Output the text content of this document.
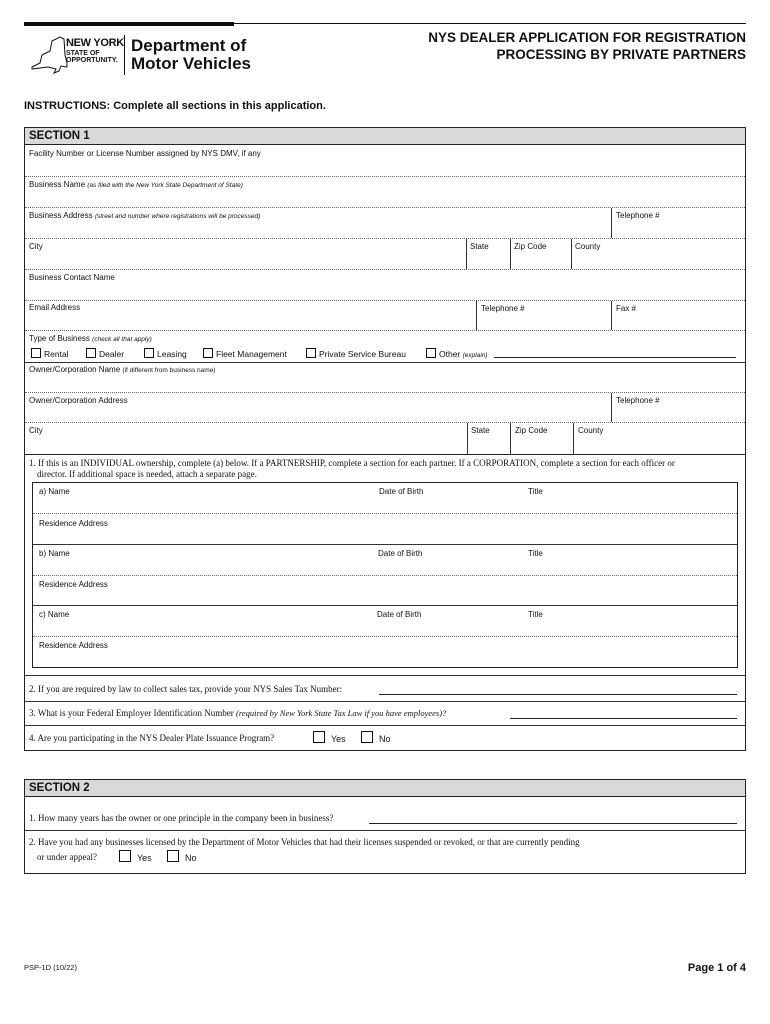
NEW YORK
STATE OF OPPORTUNITY.
Department of
Motor Vehicles
NYS DEALER APPLICATION FOR REGISTRATION
PROCESSING BY PRIVATE PARTNERS
INSTRUCTIONS: Complete all sections in this application.
SECTION 1
Facility Number or License Number assigned by NYS DMV, if any
Business Name (as filed with the New York State Department of State)
Business Address (street and number where registrations will be processed)	Telephone #
City	State	Zip Code	County
Business Contact Name
Email Address	Telephone #	Fax #
Type of Business (check all that apply)
Rental	Dealer	Leasing	Fleet Management	Private Service Bureau	Other (explain)
Owner/Corporation Name (if different from business name)
Owner/Corporation Address	Telephone #
City	State	Zip Code	County
1. If this is an INDIVIDUAL ownership, complete (a) below. If a PARTNERSHIP, complete a section for each partner. If a CORPORATION, complete a section for each officer or
director. If additional space is needed, attach a separate page.
a) Name	Date of Birth	Title
Residence Address
b) Name	Date of Birth	Title
Residence Address
c) Name	Date of Birth	Title
Residence Address
2. If you are required by law to collect sales tax, provide your NYS Sales Tax Number:
3. What is your Federal Employer Identification Number (required by New York State Tax Law if you have employees)?
4. Are you participating in the NYS Dealer Plate Issuance Program?	Yes	No
SECTION 2
1. How many years has the owner or one principle in the company been in business?
2. Have you had any businesses licensed by the Department of Motor Vehicles that had their licenses suspended or revoked, or that are currently pending
or under appeal?	Yes	No
PSP-1D (10/22)	Page 1 of 4
